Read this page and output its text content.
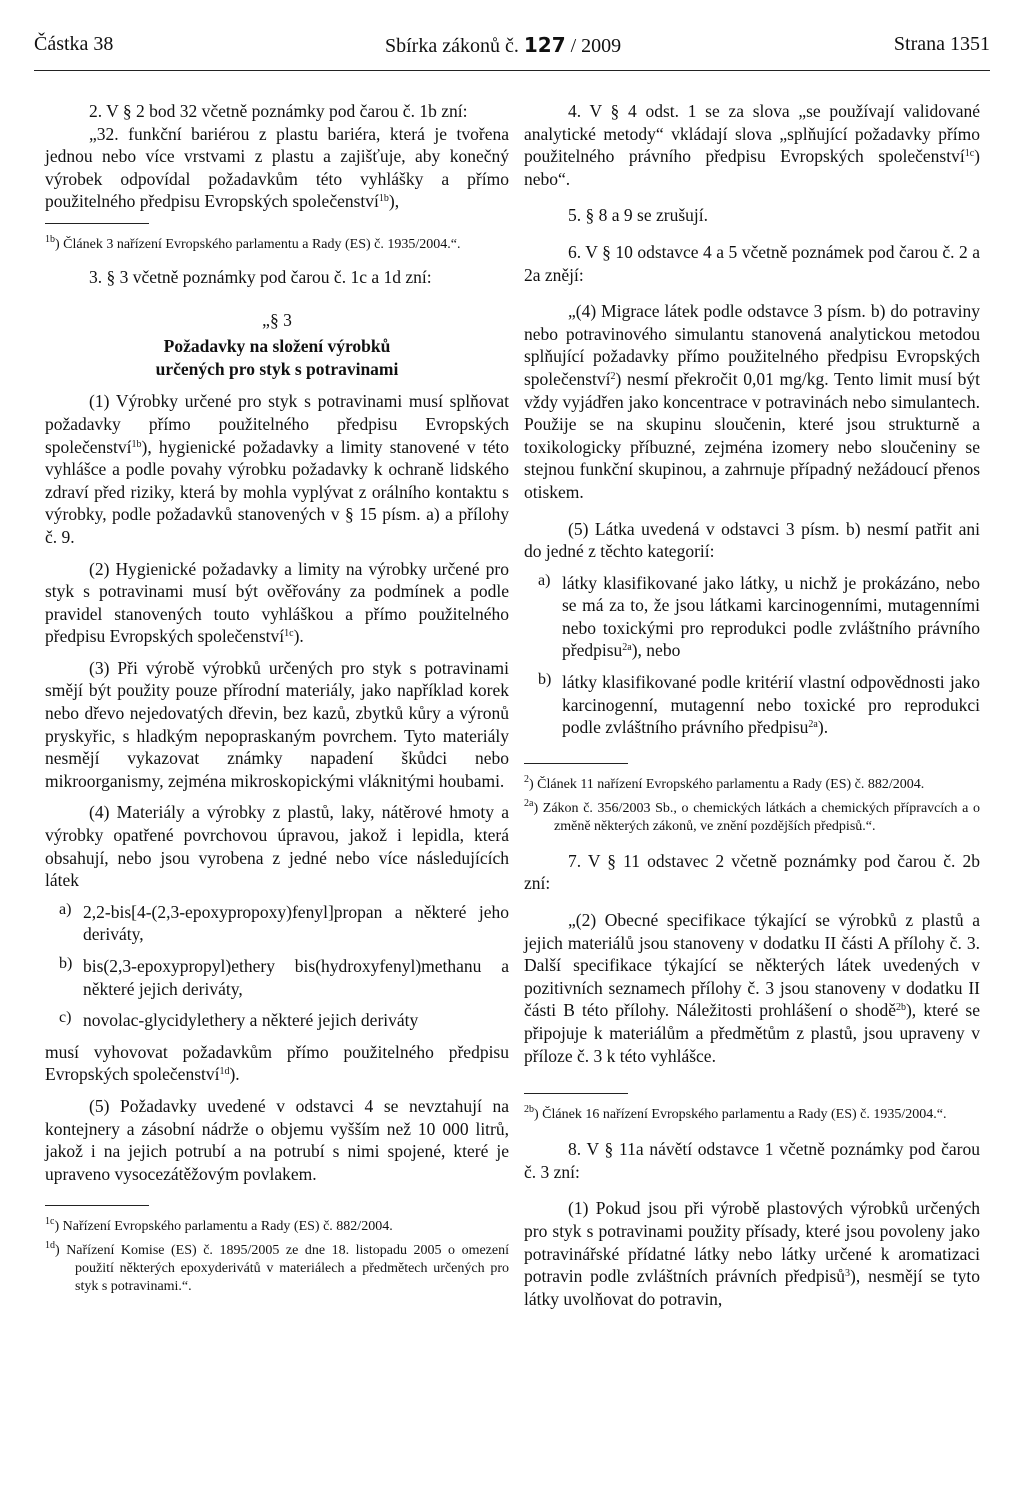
Částka 38	Sbírka zákonů č. 127 / 2009	Strana 1351

2. V § 2 bod 32 včetně poznámky pod čarou č. 1b zní:

„32. funkční bariérou z plastu bariéra, která je tvořena jednou nebo více vrstvami z plastu a zajišťuje, aby konečný výrobek odpovídal požadavkům této vyhlášky a přímo použitelného předpisu Evropských společenství$^{1b}$),

$^{1b}$) Článek 3 nařízení Evropského parlamentu a Rady (ES) č. 1935/2004.“.

3. § 3 včetně poznámky pod čarou č. 1c a 1d zní:

„§ 3

Požadavky na složení výrobků

určených pro styk s potravinami

(1) Výrobky určené pro styk s potravinami musí splňovat požadavky přímo použitelného předpisu Evropských společenství$^{1b}$), hygienické požadavky a limity stanovené v této vyhlášce a podle povahy výrobku požadavky k ochraně lidského zdraví před riziky, která by mohla vyplývat z orálního kontaktu s výrobky, podle požadavků stanovených v § 15 písm. a) a přílohy č. 9.

(2) Hygienické požadavky a limity na výrobky určené pro styk s potravinami musí být ověřovány za podmínek a podle pravidel stanovených touto vyhláškou a přímo použitelného předpisu Evropských společenství$^{1c}$).

(3) Při výrobě výrobků určených pro styk s potravinami smějí být použity pouze přírodní materiály, jako například korek nebo dřevo nejedovatých dřevin, bez kazů, zbytků kůry a výronů pryskyřic, s hladkým nepopraskaným povrchem. Tyto materiály nesmějí vykazovat známky napadení škůdci nebo mikroorganismy, zejména mikroskopickými vláknitými houbami.

(4) Materiály a výrobky z plastů, laky, nátěrové hmoty a výrobky opatřené povrchovou úpravou, jakož i lepidla, která obsahují, nebo jsou vyrobena z jedné nebo více následujících látek

a) 2,2-bis[4-(2,3-epoxypropoxy)fenyl]propan a některé jeho deriváty,
b) bis(2,3-epoxypropyl)ethery bis(hydroxyfenyl)methanu a některé jejich deriváty,
c) novolac-glycidylethery a některé jejich deriváty

musí vyhovovat požadavkům přímo použitelného předpisu Evropských společenství$^{1d}$).

(5) Požadavky uvedené v odstavci 4 se nevztahují na kontejnery a zásobní nádrže o objemu vyšším než 10 000 litrů, jakož i na jejich potrubí a na potrubí s nimi spojené, které je upraveno vysocezátěžovým povlakem.

$^{1c}$) Nařízení Evropského parlamentu a Rady (ES) č. 882/2004.

$^{1d}$) Nařízení Komise (ES) č. 1895/2005 ze dne 18. listopadu 2005 o omezení použití některých epoxyderivátů v materiálech a předmětech určených pro styk s potravinami.“.

4. V § 4 odst. 1 se za slova „se používají validované analytické metody“ vkládají slova „splňující požadavky přímo použitelného právního předpisu Evropských společenství$^{1c}$) nebo“.

5. § 8 a 9 se zrušují.

6. V § 10 odstavce 4 a 5 včetně poznámek pod čarou č. 2 a 2a znějí:

„(4) Migrace látek podle odstavce 3 písm. b) do potraviny nebo potravinového simulantu stanovená analytickou metodou splňující požadavky přímo použitelného předpisu Evropských společenství$^2$) nesmí překročit 0,01 mg/kg. Tento limit musí být vždy vyjádřen jako koncentrace v potravinách nebo simulantech. Použije se na skupinu sloučenin, které jsou strukturně a toxikologicky příbuzné, zejména izomery nebo sloučeniny se stejnou funkční skupinou, a zahrnuje případný nežádoucí přenos otiskem.

(5) Látka uvedená v odstavci 3 písm. b) nesmí patřit ani do jedné z těchto kategorií:

a) látky klasifikované jako látky, u nichž je prokázáno, nebo se má za to, že jsou látkami karcinogenními, mutagenními nebo toxickými pro reprodukci podle zvláštního právního předpisu$^{2a}$), nebo
b) látky klasifikované podle kritérií vlastní odpovědnosti jako karcinogenní, mutagenní nebo toxické pro reprodukci podle zvláštního právního předpisu$^{2a}$).

$^2$) Článek 11 nařízení Evropského parlamentu a Rady (ES) č. 882/2004.

$^{2a}$) Zákon č. 356/2003 Sb., o chemických látkách a chemických přípravcích a o změně některých zákonů, ve znění pozdějších předpisů.“.

7. V § 11 odstavec 2 včetně poznámky pod čarou č. 2b zní:

„(2) Obecné specifikace týkající se výrobků z plastů a jejich materiálů jsou stanoveny v dodatku II části A přílohy č. 3. Další specifikace týkající se některých látek uvedených v pozitivních seznamech přílohy č. 3 jsou stanoveny v dodatku II části B této přílohy. Náležitosti prohlášení o shodě$^{2b}$), které se připojuje k materiálům a předmětům z plastů, jsou upraveny v příloze č. 3 k této vyhlášce.

$^{2b}$) Článek 16 nařízení Evropského parlamentu a Rady (ES) č. 1935/2004.“.

8. V § 11a návětí odstavce 1 včetně poznámky pod čarou č. 3 zní:

(1) Pokud jsou při výrobě plastových výrobků určených pro styk s potravinami použity přísady, které jsou povoleny jako potravinářské přídatné látky nebo látky určené k aromatizaci potravin podle zvláštních právních předpisů$^3$), nesmějí se tyto látky uvolňovat do potravin,
